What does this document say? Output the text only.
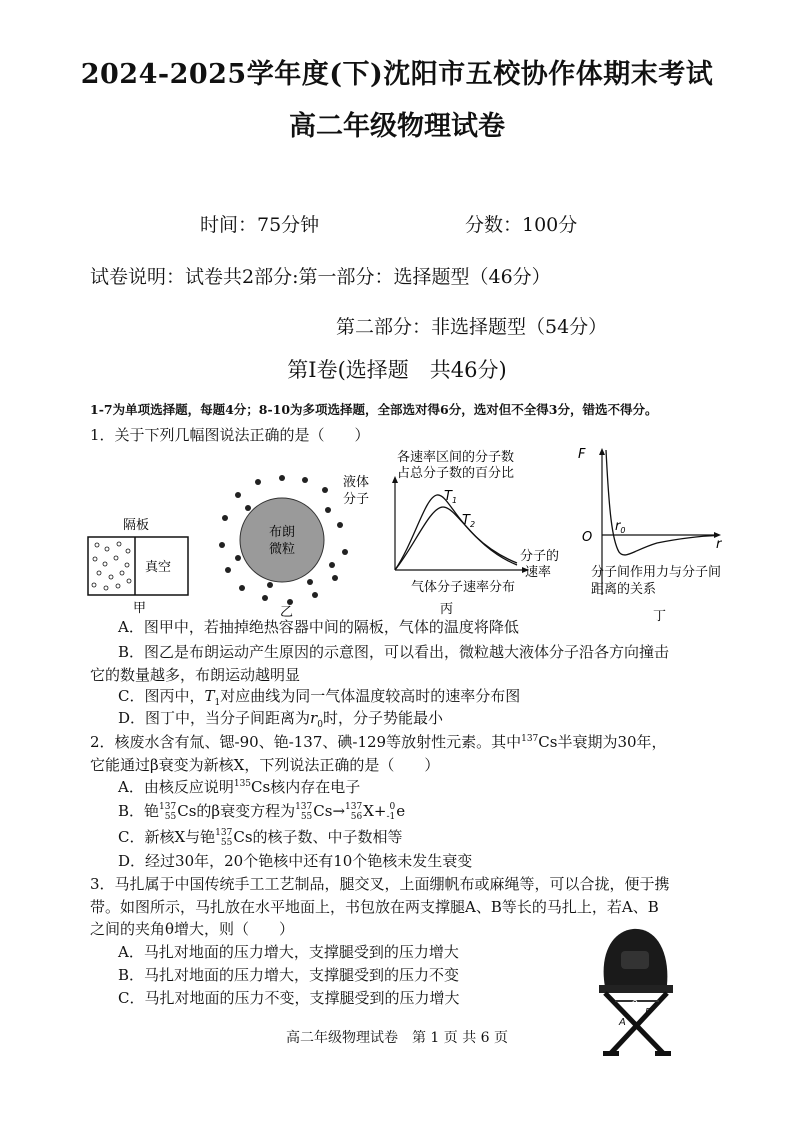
2024-2025学年度(下)沈阳市五校协作体期末考试
高二年级物理试卷
时间：75分钟	分数：100分
试卷说明：试卷共2部分:第一部分：选择题型（46分）
第二部分：非选择题型（54分）
第Ⅰ卷(选择题　共46分)
1-7为单项选择题，每题4分；8-10为多项选择题，全部选对得6分，选对但不全得3分，错选不得分。
1．关于下列几幅图说法正确的是（　　）
隔板
真空
甲
布朗
微粒
液体
分子
乙
各速率区间的分子数
占总分子数的百分比
$T_1$
$T_2$
分子的
速率
气体分子速率分布
丙
F
O
$r_0$
r
分子间作用力与分子间
距离的关系
丁
A．图甲中，若抽掉绝热容器中间的隔板，气体的温度将降低
B．图乙是布朗运动产生原因的示意图，可以看出，微粒越大液体分子沿各方向撞击
它的数量越多，布朗运动越明显
C．图丙中，$T_1$对应曲线为同一气体温度较高时的速率分布图
D．图丁中，当分子间距离为$r_0$时，分子势能最小
2．核废水含有氚、锶-90、铯-137、碘-129等放射性元素。其中$^{137}$Cs半衰期为30年，
它能通过β衰变为新核X，下列说法正确的是（　　）
A．由核反应说明$^{135}$Cs核内存在电子
B．铯137
55Cs的β衰变方程为137
55Cs→137
56X+ 0
-1e
C．新核X与铯137
55Cs的核子数、中子数相等
D．经过30年，20个铯核中还有10个铯核未发生衰变
3．马扎属于中国传统手工工艺制品，腿交叉，上面绷帆布或麻绳等，可以合拢，便于携
带。如图所示，马扎放在水平地面上，书包放在两支撑腿A、B等长的马扎上，若A、B
之间的夹角θ增大，则（　　）
A．马扎对地面的压力增大，支撑腿受到的压力增大
B．马扎对地面的压力增大，支撑腿受到的压力不变
C．马扎对地面的压力不变，支撑腿受到的压力增大	θ
B
A
高二年级物理试卷　第 1 页 共 6 页
